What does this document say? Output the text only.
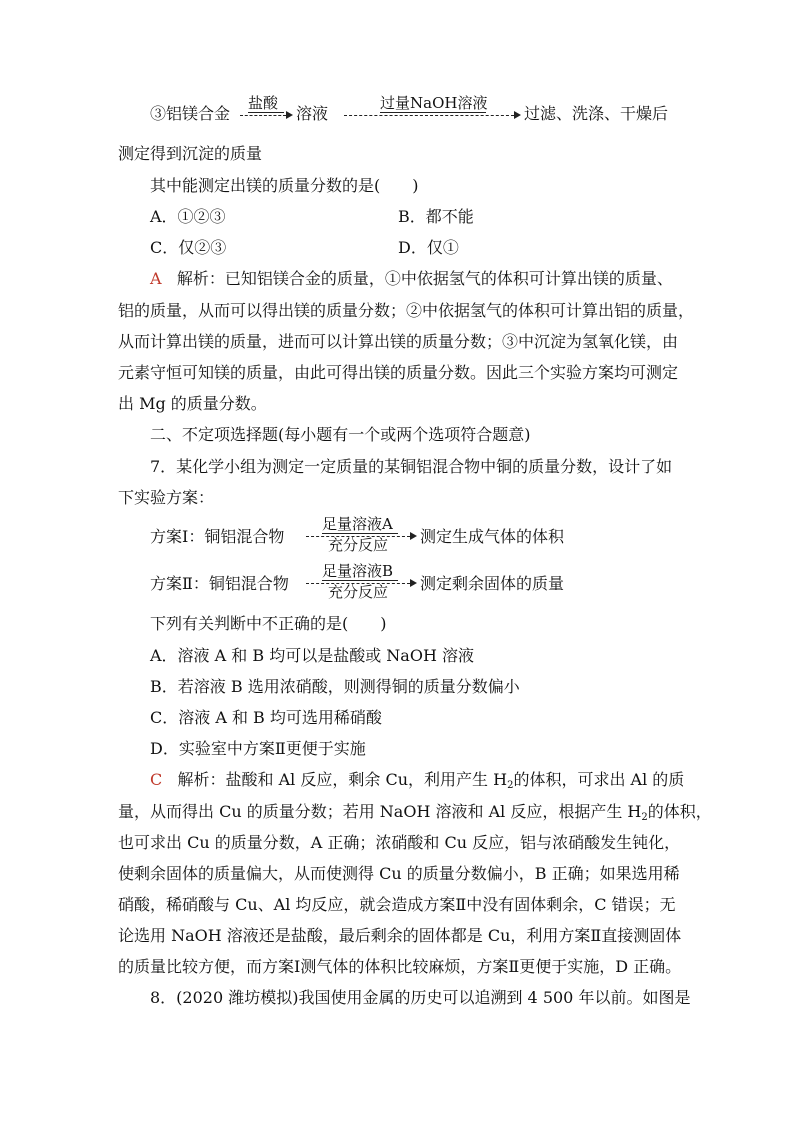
③铝镁合金
盐酸
溶液
过量NaOH溶液
过滤、洗涤、干燥后
测定得到沉淀的质量
其中能测定出镁的质量分数的是(　　)
A．①②③	B．都不能
C．仅②③	D．仅①
A 解析：已知铝镁合金的质量，①中依据氢气的体积可计算出镁的质量、
铝的质量，从而可以得出镁的质量分数；②中依据氢气的体积可计算出铝的质量，
从而计算出镁的质量，进而可以计算出镁的质量分数；③中沉淀为氢氧化镁，由
元素守恒可知镁的质量，由此可得出镁的质量分数。因此三个实验方案均可测定
出 Mg 的质量分数。
二、不定项选择题(每小题有一个或两个选项符合题意)
7．某化学小组为测定一定质量的某铜铝混合物中铜的质量分数，设计了如
下实验方案：
方案Ⅰ：铜铝混合物
足量溶液A
充分反应 测定生成气体的体积
方案Ⅱ：铜铝混合物
足量溶液B
充分反应 测定剩余固体的质量
下列有关判断中不正确的是(　　)
A．溶液 A 和 B 均可以是盐酸或 NaOH 溶液
B．若溶液 B 选用浓硝酸，则测得铜的质量分数偏小
C．溶液 A 和 B 均可选用稀硝酸
D．实验室中方案Ⅱ更便于实施
C 解析：盐酸和 Al 反应，剩余 Cu，利用产生 $H_2$的体积，可求出 Al 的质
量，从而得出 Cu 的质量分数；若用 NaOH 溶液和 Al 反应，根据产生 $H_2$的体积，
也可求出 Cu 的质量分数，A 正确；浓硝酸和 Cu 反应，铝与浓硝酸发生钝化，
使剩余固体的质量偏大，从而使测得 Cu 的质量分数偏小，B 正确；如果选用稀
硝酸，稀硝酸与 Cu、Al 均反应，就会造成方案Ⅱ中没有固体剩余，C 错误；无
论选用 NaOH 溶液还是盐酸，最后剩余的固体都是 Cu，利用方案Ⅱ直接测固体
的质量比较方便，而方案Ⅰ测气体的体积比较麻烦，方案Ⅱ更便于实施，D 正确。
8．(2020 潍坊模拟)我国使用金属的历史可以追溯到 4 500 年以前。如图是
